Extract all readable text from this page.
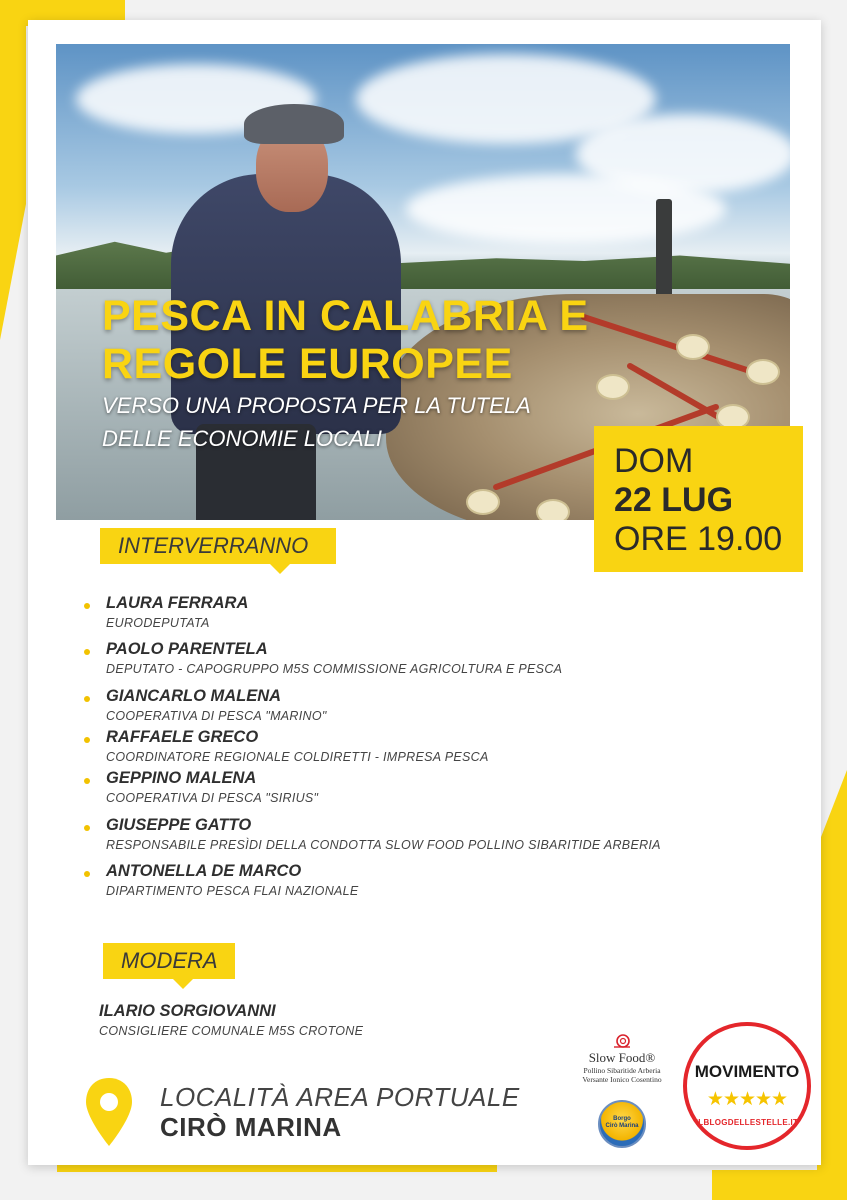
PESCA IN CALABRIA E
REGOLE EUROPEE

VERSO UNA PROPOSTA PER LA TUTELA
DELLE ECONOMIE LOCALI

DOM
22 LUG
ORE 19.00
INTERVERRANNO
LAURA FERRARA
EURODEPUTATA
PAOLO PARENTELA
DEPUTATO - CAPOGRUPPO M5S COMMISSIONE AGRICOLTURA E PESCA
GIANCARLO MALENA
COOPERATIVA DI PESCA "MARINO"
RAFFAELE GRECO
COORDINATORE REGIONALE COLDIRETTI - IMPRESA PESCA
GEPPINO MALENA
COOPERATIVA DI PESCA "SIRIUS"
GIUSEPPE GATTO
RESPONSABILE PRESÌDI DELLA CONDOTTA SLOW FOOD POLLINO SIBARITIDE ARBERIA
ANTONELLA DE MARCO
DIPARTIMENTO PESCA FLAI NAZIONALE
MODERA
ILARIO SORGIOVANNI
CONSIGLIERE COMUNALE M5S CROTONE
LOCALITÀ AREA PORTUALE
CIRÒ MARINA
Slow Food®
Pollino Sibaritide Arberia
Versante Ionico Cosentino
Borgo
Cirò Marina
MOVIMENTO
★★★★★
ILBLOGDELLESTELLE.IT
